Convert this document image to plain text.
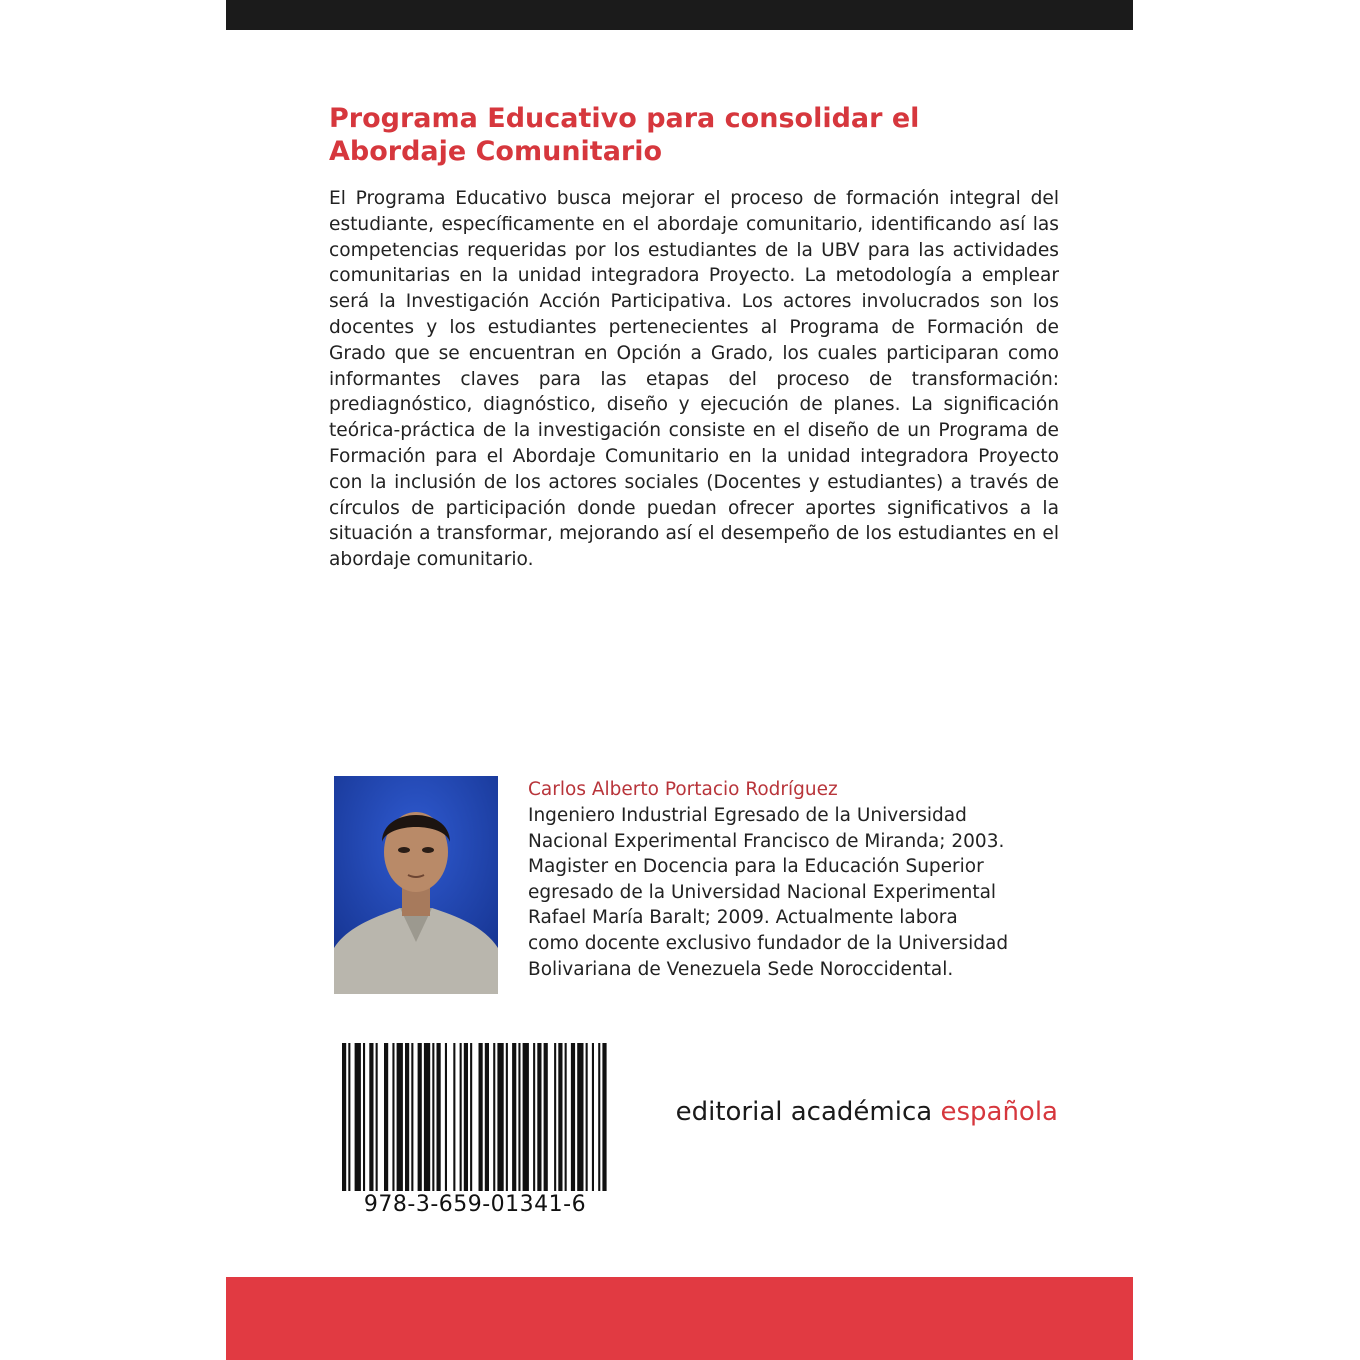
Programa Educativo para consolidar el
Abordaje Comunitario

El Programa Educativo busca mejorar el proceso de formación integral del estudiante, específicamente en el abordaje comunitario, identificando así las competencias requeridas por los estudiantes de la UBV para las actividades comunitarias en la unidad integradora Proyecto. La metodología a emplear será la Investigación Acción Participativa. Los actores involucrados son los docentes y los estudiantes pertenecientes al Programa de Formación de Grado que se encuentran en Opción a Grado, los cuales participaran como informantes claves para las etapas del proceso de transformación: prediagnóstico, diagnóstico, diseño y ejecución de planes. La significación teórica-práctica de la investigación consiste en el diseño de un Programa de Formación para el Abordaje Comunitario en la unidad integradora Proyecto con la inclusión de los actores sociales (Docentes y estudiantes) a través de círculos de participación donde puedan ofrecer aportes significativos a la situación a transformar, mejorando así el desempeño de los estudiantes en el abordaje comunitario.

Carlos Alberto Portacio Rodríguez

Ingeniero Industrial Egresado de la Universidad
Nacional Experimental Francisco de Miranda; 2003.
Magister en Docencia para la Educación Superior
egresado de la Universidad Nacional Experimental
Rafael María Baralt; 2009. Actualmente labora
como docente exclusivo fundador de la Universidad
Bolivariana de Venezuela Sede Noroccidental.

978-3-659-01341-6

editorial académica española
